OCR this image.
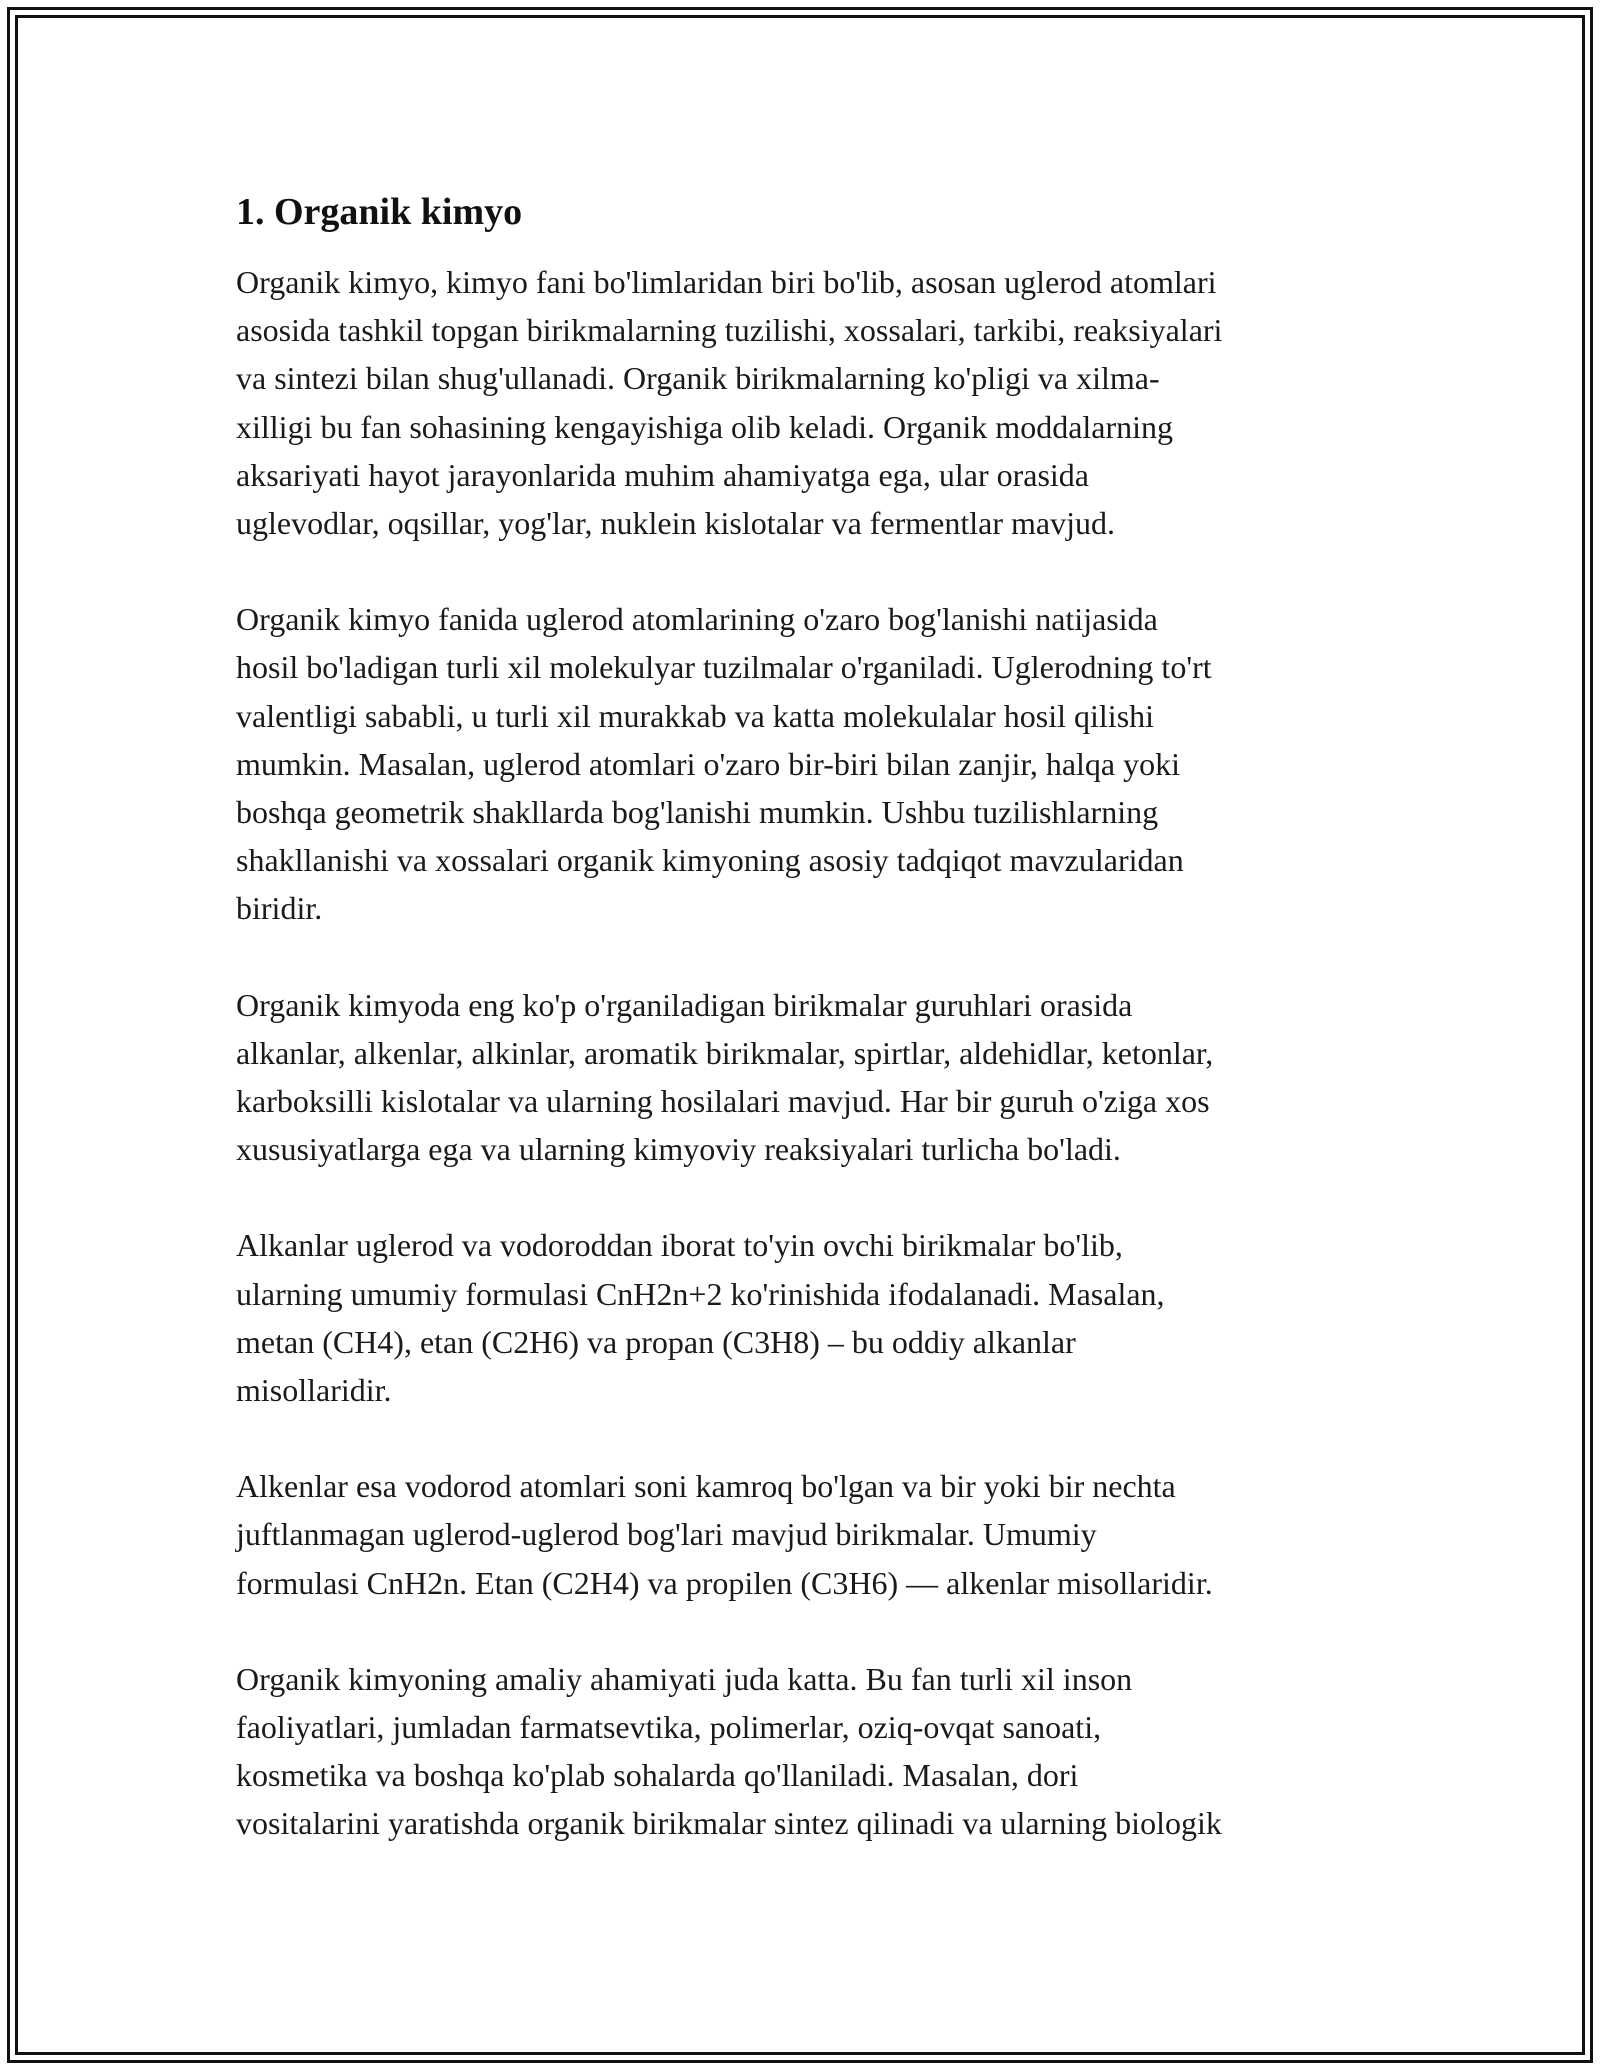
1. Organik kimyo

Organik kimyo, kimyo fani bo'limlaridan biri bo'lib, asosan uglerod atomlari
asosida tashkil topgan birikmalarning tuzilishi, xossalari, tarkibi, reaksiyalari
va sintezi bilan shug'ullanadi. Organik birikmalarning ko'pligi va xilma-
xilligi bu fan sohasining kengayishiga olib keladi. Organik moddalarning
aksariyati hayot jarayonlarida muhim ahamiyatga ega, ular orasida
uglevodlar, oqsillar, yog'lar, nuklein kislotalar va fermentlar mavjud.

Organik kimyo fanida uglerod atomlarining o'zaro bog'lanishi natijasida
hosil bo'ladigan turli xil molekulyar tuzilmalar o'rganiladi. Uglerodning to'rt
valentligi sababli, u turli xil murakkab va katta molekulalar hosil qilishi
mumkin. Masalan, uglerod atomlari o'zaro bir-biri bilan zanjir, halqa yoki
boshqa geometrik shakllarda bog'lanishi mumkin. Ushbu tuzilishlarning
shakllanishi va xossalari organik kimyoning asosiy tadqiqot mavzularidan
biridir.

Organik kimyoda eng ko'p o'rganiladigan birikmalar guruhlari orasida
alkanlar, alkenlar, alkinlar, aromatik birikmalar, spirtlar, aldehidlar, ketonlar,
karboksilli kislotalar va ularning hosilalari mavjud. Har bir guruh o'ziga xos
xususiyatlarga ega va ularning kimyoviy reaksiyalari turlicha bo'ladi.

Alkanlar uglerod va vodoroddan iborat to'yin ovchi birikmalar bo'lib,
ularning umumiy formulasi CnH2n+2 ko'rinishida ifodalanadi. Masalan,
metan (CH4), etan (C2H6) va propan (C3H8) – bu oddiy alkanlar
misollaridir.

Alkenlar esa vodorod atomlari soni kamroq bo'lgan va bir yoki bir nechta
juftlanmagan uglerod-uglerod bog'lari mavjud birikmalar. Umumiy
formulasi CnH2n. Etan (C2H4) va propilen (C3H6) — alkenlar misollaridir.

Organik kimyoning amaliy ahamiyati juda katta. Bu fan turli xil inson
faoliyatlari, jumladan farmatsevtika, polimerlar, oziq-ovqat sanoati,
kosmetika va boshqa ko'plab sohalarda qo'llaniladi. Masalan, dori
vositalarini yaratishda organik birikmalar sintez qilinadi va ularning biologik
